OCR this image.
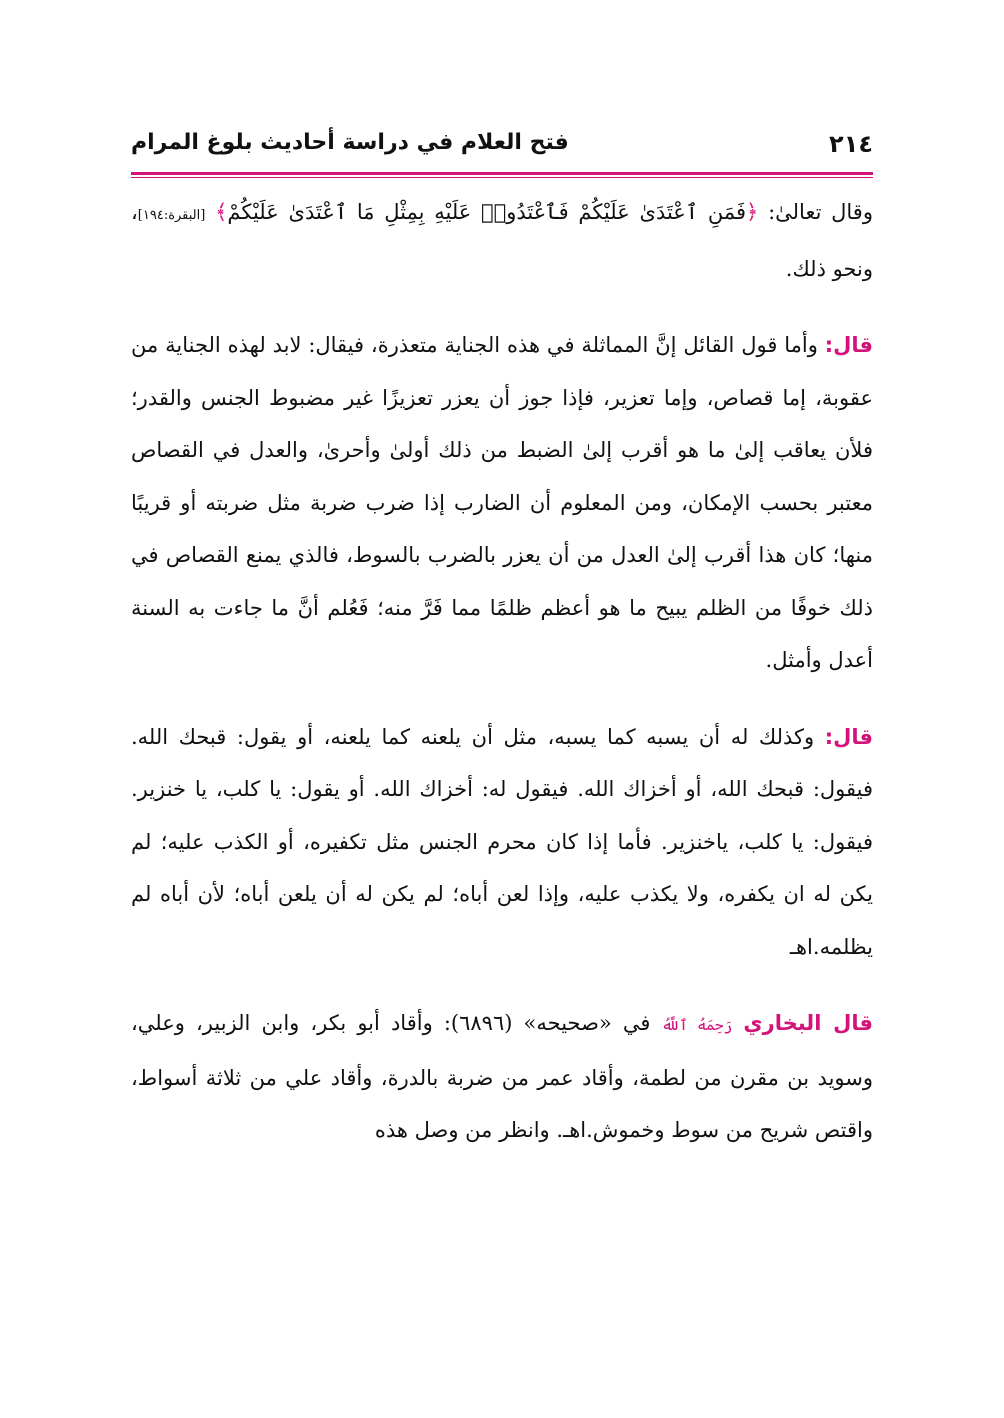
٢١٤
فتح العلام في دراسة أحاديث بلوغ المرام

وقال تعالىٰ: ﴿فَمَنِ ٱعْتَدَىٰ عَلَيْكُمْ فَٱعْتَدُوا۟ عَلَيْهِ بِمِثْلِ مَا ٱعْتَدَىٰ عَلَيْكُمْ﴾ [البقرة:١٩٤]، ونحو ذلك.

قال: وأما قول القائل إنَّ المماثلة في هذه الجناية متعذرة، فيقال: لابد لهذه الجناية من عقوبة، إما قصاص، وإما تعزير، فإذا جوز أن يعزر تعزيزًا غير مضبوط الجنس والقدر؛ فلأن يعاقب إلىٰ ما هو أقرب إلىٰ الضبط من ذلك أولىٰ وأحرىٰ، والعدل في القصاص معتبر بحسب الإمكان، ومن المعلوم أن الضارب إذا ضرب ضربة مثل ضربته أو قريبًا منها؛ كان هذا أقرب إلىٰ العدل من أن يعزر بالضرب بالسوط، فالذي يمنع القصاص في ذلك خوفًا من الظلم يبيح ما هو أعظم ظلمًا مما فَرَّ منه؛ فَعُلم أنَّ ما جاءت به السنة أعدل وأمثل.

قال: وكذلك له أن يسبه كما يسبه، مثل أن يلعنه كما يلعنه، أو يقول: قبحك الله. فيقول: قبحك الله، أو أخزاك الله. فيقول له: أخزاك الله. أو يقول: يا كلب، يا خنزير. فيقول: يا كلب، ياخنزير. فأما إذا كان محرم الجنس مثل تكفيره، أو الكذب عليه؛ لم يكن له ان يكفره، ولا يكذب عليه، وإذا لعن أباه؛ لم يكن له أن يلعن أباه؛ لأن أباه لم يظلمه.اهـ

قال البخاري رَحِمَهُ ٱللَّهُ في «صحيحه» (٦٨٩٦): وأقاد أبو بكر، وابن الزبير، وعلي، وسويد بن مقرن من لطمة، وأقاد عمر من ضربة بالدرة، وأقاد علي من ثلاثة أسواط، واقتص شريح من سوط وخموش.اهـ. وانظر من وصل هذه
